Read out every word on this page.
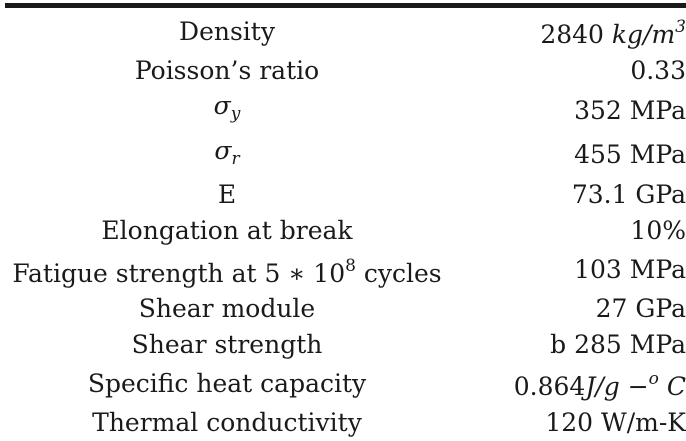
Density	2840 $kg/m^3$
Poisson’s ratio	0.33
$\sigma_y$	352 MPa
$\sigma_r$	455 MPa
E	73.1 GPa
Elongation at break	10%
Fatigue strength at 5 ∗ $10^8$ cycles	103 MPa
Shear module	27 GPa
Shear strength	b 285 MPa
Specific heat capacity	0.864J/g −$^o$ C
Thermal conductivity	120 W/m-K
